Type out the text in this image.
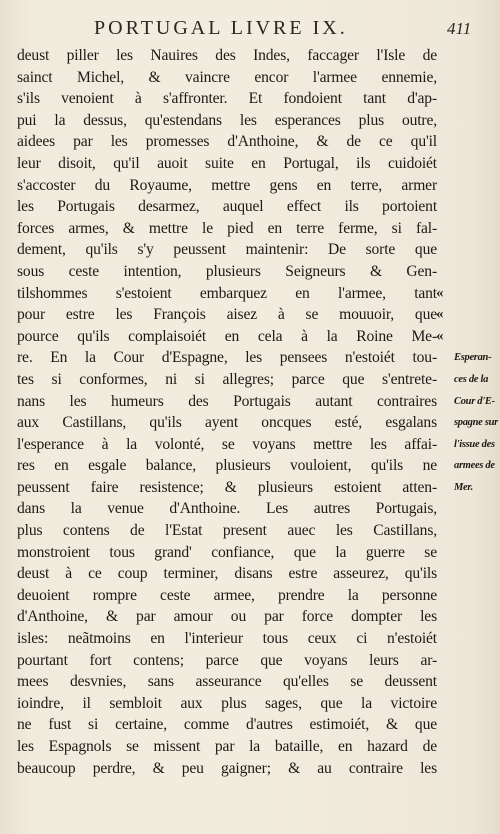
PORTUGAL LIVRE IX.	411
deust piller les Nauires des Indes, faccager l'Isle de
sainct Michel, & vaincre encor l'armee ennemie,
s'ils venoient à s'affronter. Et fondoient tant d'ap-
pui la dessus, qu'estendans les esperances plus outre,
aidees par les promesses d'Anthoine, & de ce qu'il
leur disoit, qu'il auoit suite en Portugal, ils cuidoiét
s'accoster du Royaume, mettre gens en terre, armer
les Portugais desarmez, auquel effect ils portoient
forces armes, & mettre le pied en terre ferme, si fal-
dement, qu'ils s'y peussent maintenir: De sorte que
sous ceste intention, plusieurs Seigneurs & Gen-
tilshommes s'estoient embarquez en l'armee, tant
pour estre les François aisez à se mouuoir, que
pource qu'ils complaisoiét en cela à la Roine Me-
re. En la Cour d'Espagne, les pensees n'estoiét tou-
tes si conformes, ni si allegres; parce que s'entrete-
nans les humeurs des Portugais autant contraires
aux Castillans, qu'ils ayent oncques esté, esgalans
l'esperance à la volonté, se voyans mettre les affai-
res en esgale balance, plusieurs vouloient, qu'ils ne
peussent faire resistence; & plusieurs estoient atten-
dans la venue d'Anthoine. Les autres Portugais,
plus contens de l'Estat present auec les Castillans,
monstroient tous grand' confiance, que la guerre se
deust à ce coup terminer, disans estre asseurez, qu'ils
deuoient rompre ceste armee, prendre la personne
d'Anthoine, & par amour ou par force dompter les
isles: neãtmoins en l'interieur tous ceux ci n'estoiét
pourtant fort contens; parce que voyans leurs ar-
mees desvnies, sans asseurance qu'elles se deussent
ioindre, il sembloit aux plus sages, que la victoire
ne fust si certaine, comme d'autres estimoiét, & que
les Espagnols se missent par la bataille, en hazard de
beaucoup perdre, & peu gaigner; & au contraire les
«
«
«
Esperan-
ces de la
Cour d'E-
spagne sur
l'issue des
armees de
Mer.
